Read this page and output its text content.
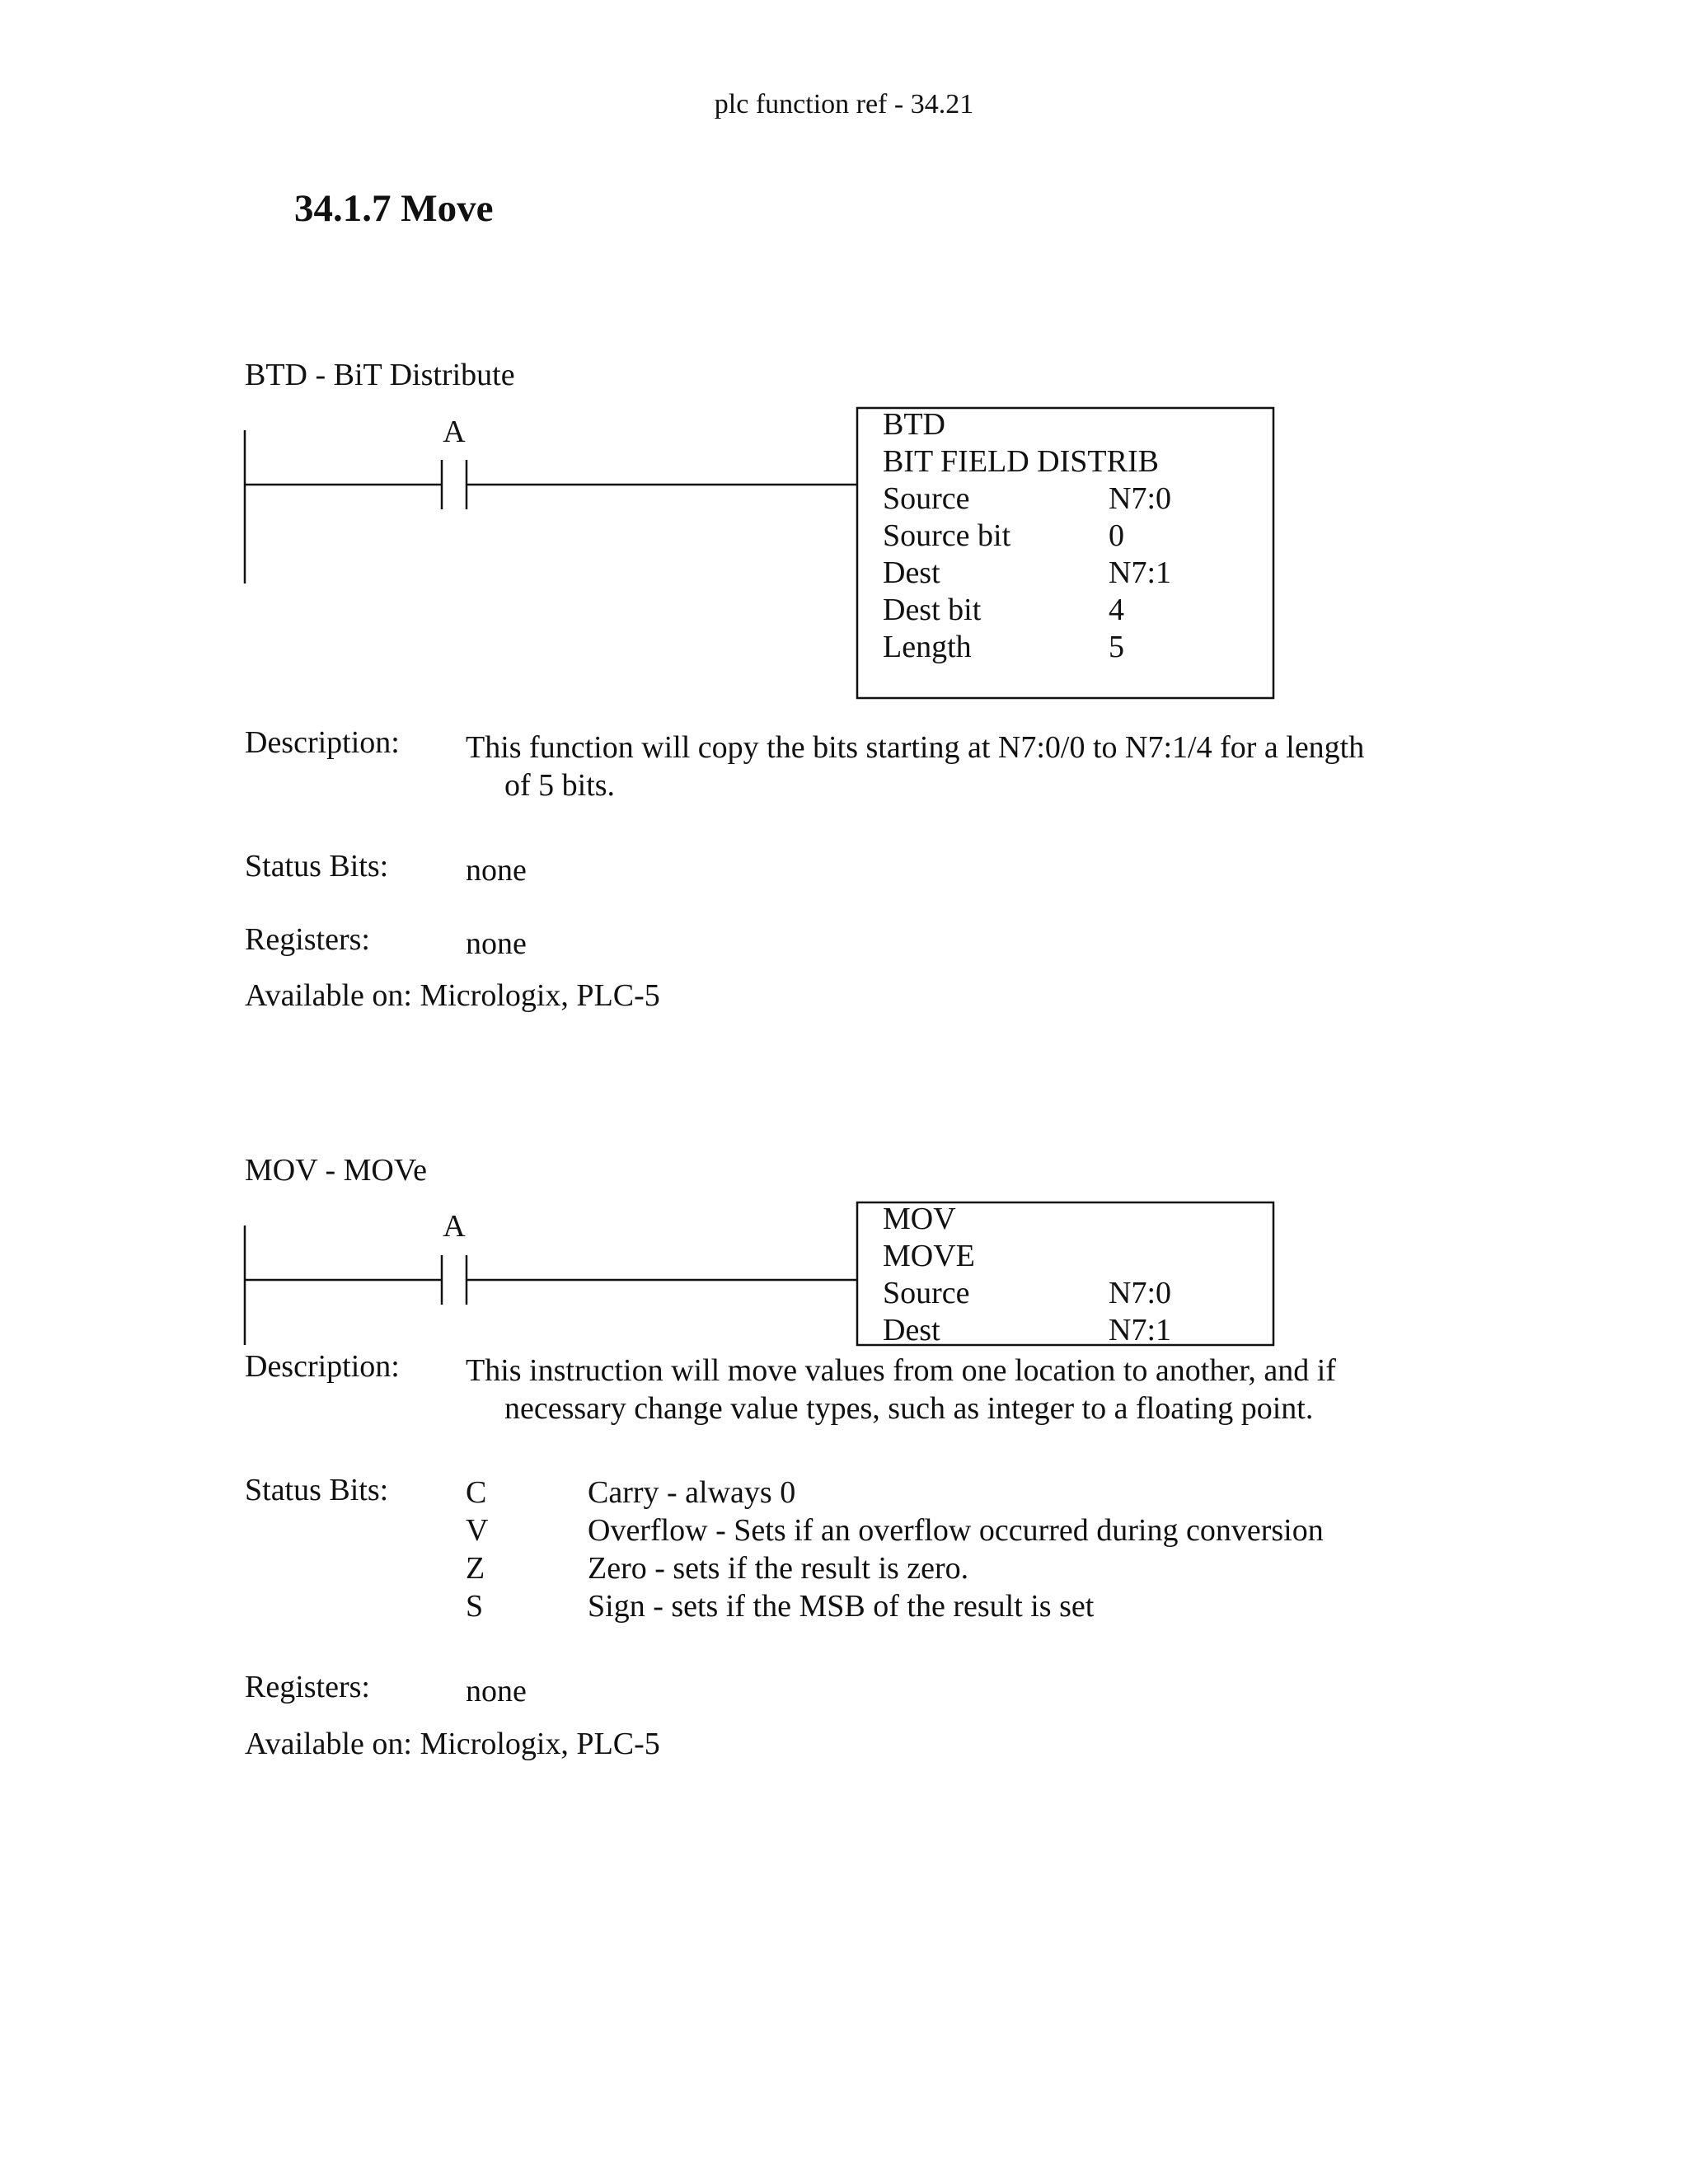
plc function ref - 34.21
34.1.7 Move
BTD - BiT Distribute
A	BTD
BIT FIELD DISTRIB
Source	N7:0
Source bit	0
Dest	N7:1
Dest bit	4
Length	5
Description: This function will copy the bits starting at N7:0/0 to N7:1/4 for a length
of 5 bits.
Status Bits: none
Registers:	none
Available on: Micrologix, PLC-5
MOV - MOVe
A	MOV
MOVE
Source	N7:0
Dest	N7:1
Description: This instruction will move values from one location to another, and if
necessary change value types, such as integer to a floating point.
Status Bits: C	Carry - always 0
V	Overflow - Sets if an overflow occurred during conversion
Z	Zero - sets if the result is zero.
S	Sign - sets if the MSB of the result is set
Registers:	none
Available on: Micrologix, PLC-5
